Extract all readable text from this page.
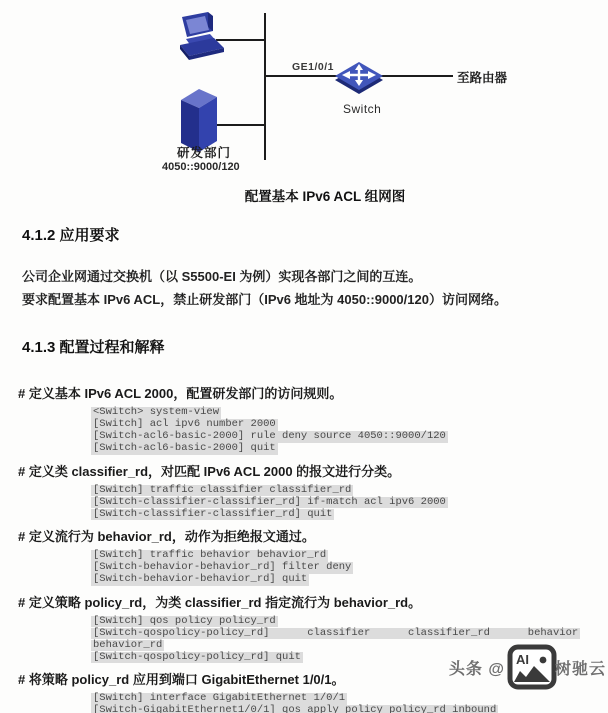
GE1/0/1
Switch
至路由器
研发部门
4050::9000/120
配置基本 IPv6 ACL 组网图
4.1.2 应用要求
公司企业网通过交换机（以 S5500-EI 为例）实现各部门之间的互连。
要求配置基本 IPv6 ACL，禁止研发部门（IPv6 地址为 4050::9000/120）访问网络。
4.1.3 配置过程和解释
# 定义基本 IPv6 ACL 2000，配置研发部门的访问规则。
<Switch> system-view
[Switch] acl ipv6 number 2000
[Switch-acl6-basic-2000] rule deny source 4050::9000/120
[Switch-acl6-basic-2000] quit
# 定义类 classifier_rd，对匹配 IPv6 ACL 2000 的报文进行分类。
[Switch] traffic classifier classifier_rd
[Switch-classifier-classifier_rd] if-match acl ipv6 2000
[Switch-classifier-classifier_rd] quit
# 定义流行为 behavior_rd，动作为拒绝报文通过。
[Switch] traffic behavior behavior_rd
[Switch-behavior-behavior_rd] filter deny
[Switch-behavior-behavior_rd] quit
# 定义策略 policy_rd，为类 classifier_rd 指定流行为 behavior_rd。
[Switch] qos policy policy_rd
[Switch-qospolicy-policy_rd]      classifier      classifier_rd      behavior
behavior_rd
[Switch-qospolicy-policy_rd] quit
# 将策略 policy_rd 应用到端口 GigabitEthernet 1/0/1。
[Switch] interface GigabitEthernet 1/0/1
[Switch-GigabitEthernet1/0/1] qos apply policy policy_rd inbound
头条 @
AI
树驰云
